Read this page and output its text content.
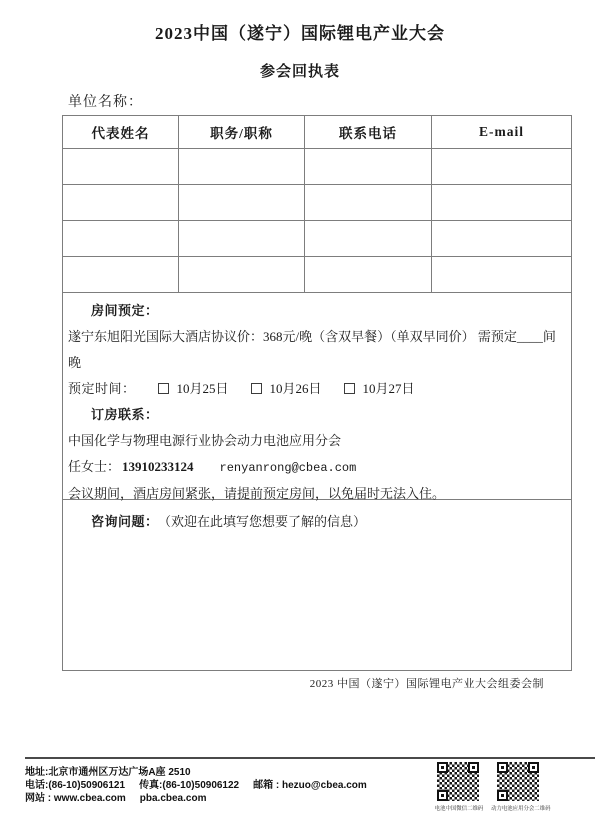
2023中国（遂宁）国际锂电产业大会
参会回执表
单位名称：
代表姓名	职务/职称	联系电话	E-mail
房间预定：

遂宁东旭阳光国际大酒店协议价：368元/晚（含双早餐）（单双早同价） 需预定____间

晚

预定时间：	10月25日	10月26日	10月27日

订房联系：

中国化学与物理电源行业协会动力电池应用分会

任女士： 13910233124 renyanrong@cbea.com

会议期间，酒店房间紧张，请提前预定房间，以免届时无法入住。

咨询问题： （欢迎在此填写您想要了解的信息）
2023 中国（遂宁）国际锂电产业大会组委会制
地址:北京市通州区万达广场A座 2510
电话:(86-10)50906121 传真:(86-10)50906122 邮箱 : hezuo@cbea.com
网站 : www.cbea.com pba.cbea.com
电池中国微信二维码	动力电池应用分会二维码
